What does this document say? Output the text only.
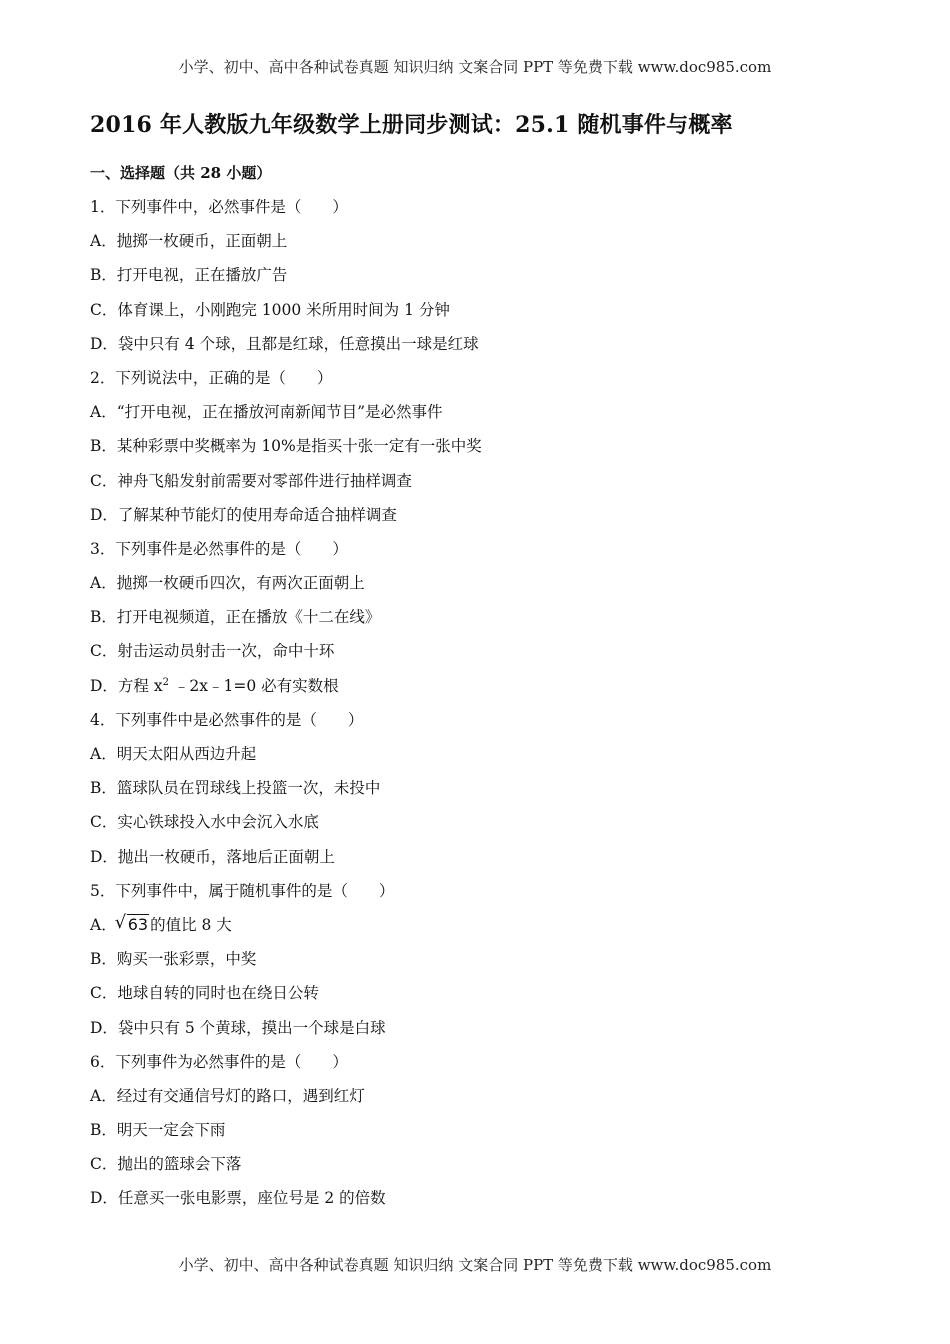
小学、初中、高中各种试卷真题 知识归纳 文案合同 PPT 等免费下载 www.doc985.com
2016 年人教版九年级数学上册同步测试：25.1 随机事件与概率
一、选择题（共 28 小题）
1．下列事件中，必然事件是（　　）
A．抛掷一枚硬币，正面朝上
B．打开电视，正在播放广告
C．体育课上，小刚跑完 1000 米所用时间为 1 分钟
D．袋中只有 4 个球，且都是红球，任意摸出一球是红球
2．下列说法中，正确的是（　　）
A．“打开电视，正在播放河南新闻节目”是必然事件
B．某种彩票中奖概率为 10%是指买十张一定有一张中奖
C．神舟飞船发射前需要对零部件进行抽样调查
D．了解某种节能灯的使用寿命适合抽样调查
3．下列事件是必然事件的是（　　）
A．抛掷一枚硬币四次，有两次正面朝上
B．打开电视频道，正在播放《十二在线》
C．射击运动员射击一次，命中十环
D．方程 $x^2$ ﹣2x﹣1=0 必有实数根
4．下列事件中是必然事件的是（　　）
A．明天太阳从西边升起
B．篮球队员在罚球线上投篮一次，未投中
C．实心铁球投入水中会沉入水底
D．抛出一枚硬币，落地后正面朝上
5．下列事件中，属于随机事件的是（　　）
A．√ 63 的值比 8 大
B．购买一张彩票，中奖
C．地球自转的同时也在绕日公转
D．袋中只有 5 个黄球，摸出一个球是白球
6．下列事件为必然事件的是（　　）
A．经过有交通信号灯的路口，遇到红灯
B．明天一定会下雨
C．抛出的篮球会下落
D．任意买一张电影票，座位号是 2 的倍数
小学、初中、高中各种试卷真题 知识归纳 文案合同 PPT 等免费下载 www.doc985.com
